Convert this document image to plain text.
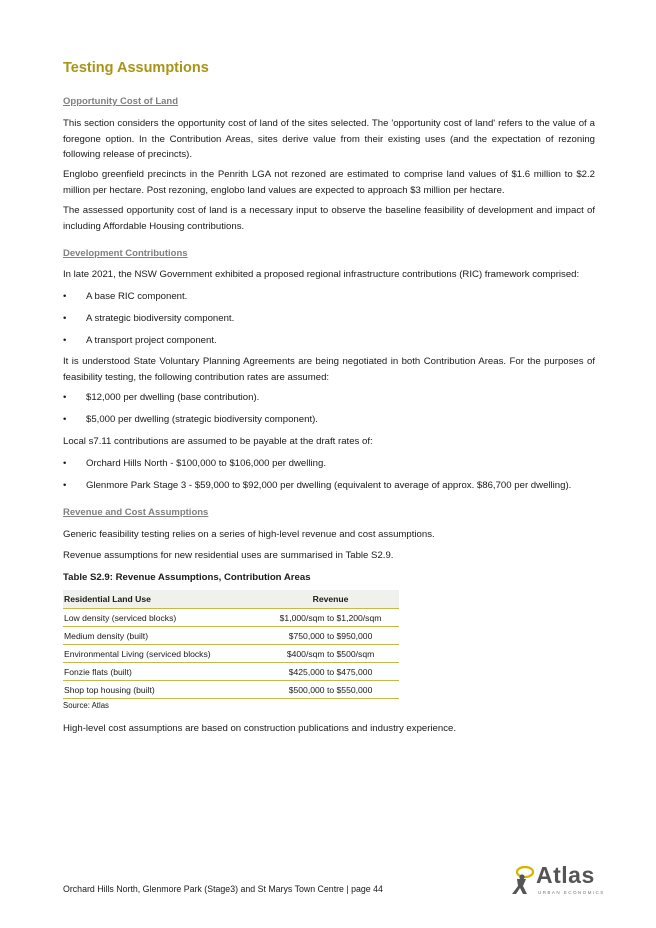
Testing Assumptions

Opportunity Cost of Land

This section considers the opportunity cost of land of the sites selected. The 'opportunity cost of land' refers to the value of a foregone option. In the Contribution Areas, sites derive value from their existing uses (and the expectation of rezoning following release of precincts).

Englobo greenfield precincts in the Penrith LGA not rezoned are estimated to comprise land values of $1.6 million to $2.2 million per hectare. Post rezoning, englobo land values are expected to approach $3 million per hectare.

The assessed opportunity cost of land is a necessary input to observe the baseline feasibility of development and impact of including Affordable Housing contributions.

Development Contributions

In late 2021, the NSW Government exhibited a proposed regional infrastructure contributions (RIC) framework comprised:

• A base RIC component.
• A strategic biodiversity component.
• A transport project component.

It is understood State Voluntary Planning Agreements are being negotiated in both Contribution Areas. For the purposes of feasibility testing, the following contribution rates are assumed:

• $12,000 per dwelling (base contribution).
• $5,000 per dwelling (strategic biodiversity component).

Local s7.11 contributions are assumed to be payable at the draft rates of:

• Orchard Hills North - $100,000 to $106,000 per dwelling.
• Glenmore Park Stage 3 - $59,000 to $92,000 per dwelling (equivalent to average of approx. $86,700 per dwelling).

Revenue and Cost Assumptions

Generic feasibility testing relies on a series of high-level revenue and cost assumptions.

Revenue assumptions for new residential uses are summarised in Table S2.9.

Table S2.9: Revenue Assumptions, Contribution Areas

Residential Land Use	Revenue
Low density (serviced blocks)	$1,000/sqm to $1,200/sqm
Medium density (built)	$750,000 to $950,000
Environmental Living (serviced blocks)	$400/sqm to $500/sqm
Fonzie flats (built)	$425,000 to $475,000
Shop top housing (built)	$500,000 to $550,000

Source: Atlas

High-level cost assumptions are based on construction publications and industry experience.

Orchard Hills North, Glenmore Park (Stage3) and St Marys Town Centre | page 44

Atlas
URBAN ECONOMICS
